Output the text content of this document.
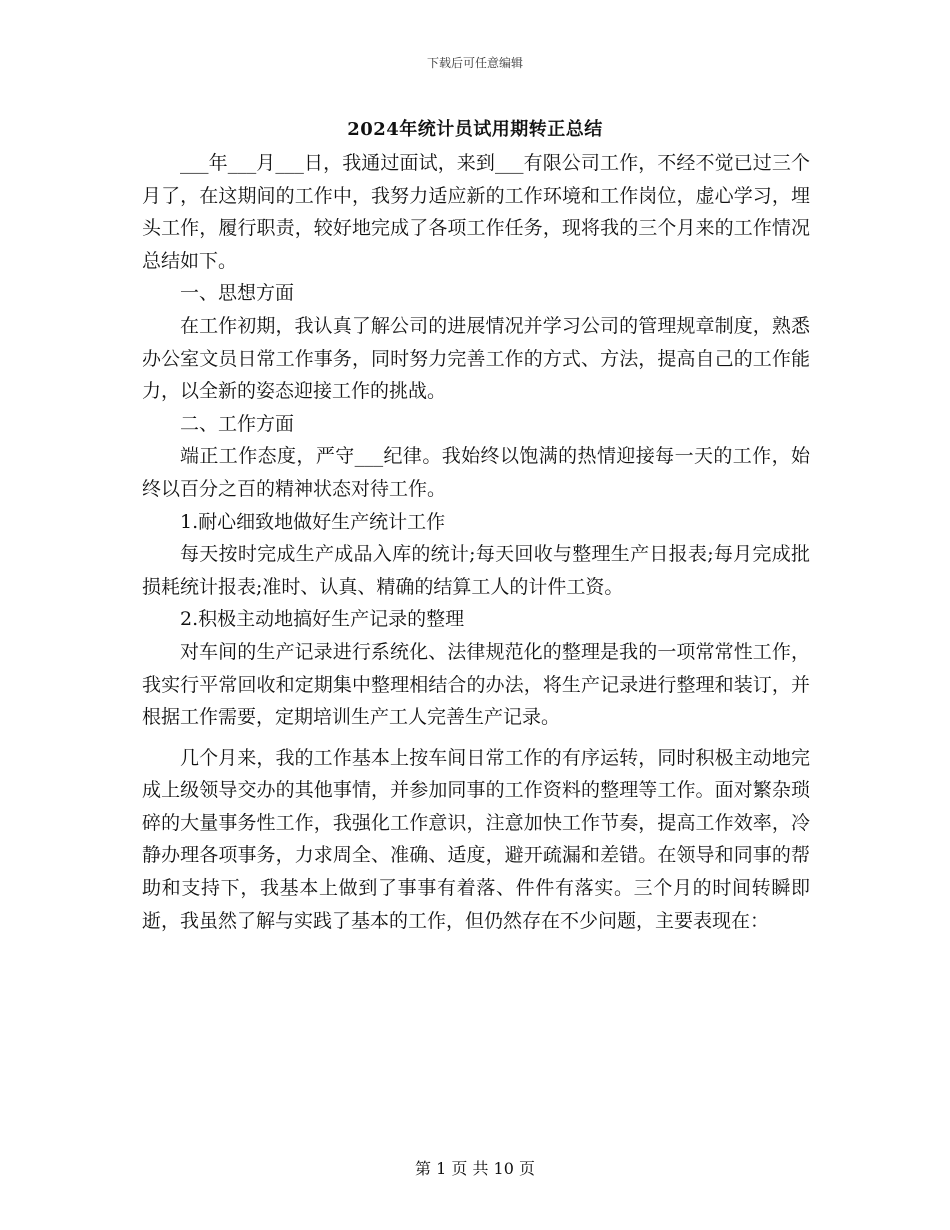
下载后可任意编辑
2024年统计员试用期转正总结

___年___月___日，我通过面试，来到___有限公司工作，不经不觉已过三个月了，在这期间的工作中，我努力适应新的工作环境和工作岗位，虚心学习，埋头工作，履行职责，较好地完成了各项工作任务，现将我的三个月来的工作情况总结如下。

一、思想方面

在工作初期，我认真了解公司的进展情况并学习公司的管理规章制度，熟悉办公室文员日常工作事务，同时努力完善工作的方式、方法，提高自己的工作能力，以全新的姿态迎接工作的挑战。

二、工作方面

端正工作态度，严守___纪律。我始终以饱满的热情迎接每一天的工作，始终以百分之百的精神状态对待工作。

1.耐心细致地做好生产统计工作

每天按时完成生产成品入库的统计;每天回收与整理生产日报表;每月完成批损耗统计报表;准时、认真、精确的结算工人的计件工资。

2.积极主动地搞好生产记录的整理

对车间的生产记录进行系统化、法律规范化的整理是我的一项常常性工作，我实行平常回收和定期集中整理相结合的办法，将生产记录进行整理和装订，并根据工作需要，定期培训生产工人完善生产记录。

几个月来，我的工作基本上按车间日常工作的有序运转，同时积极主动地完成上级领导交办的其他事情，并参加同事的工作资料的整理等工作。面对繁杂琐碎的大量事务性工作，我强化工作意识，注意加快工作节奏，提高工作效率，冷静办理各项事务，力求周全、准确、适度，避开疏漏和差错。在领导和同事的帮助和支持下，我基本上做到了事事有着落、件件有落实。三个月的时间转瞬即逝，我虽然了解与实践了基本的工作，但仍然存在不少问题，主要表现在：

第 1 页 共 10 页
